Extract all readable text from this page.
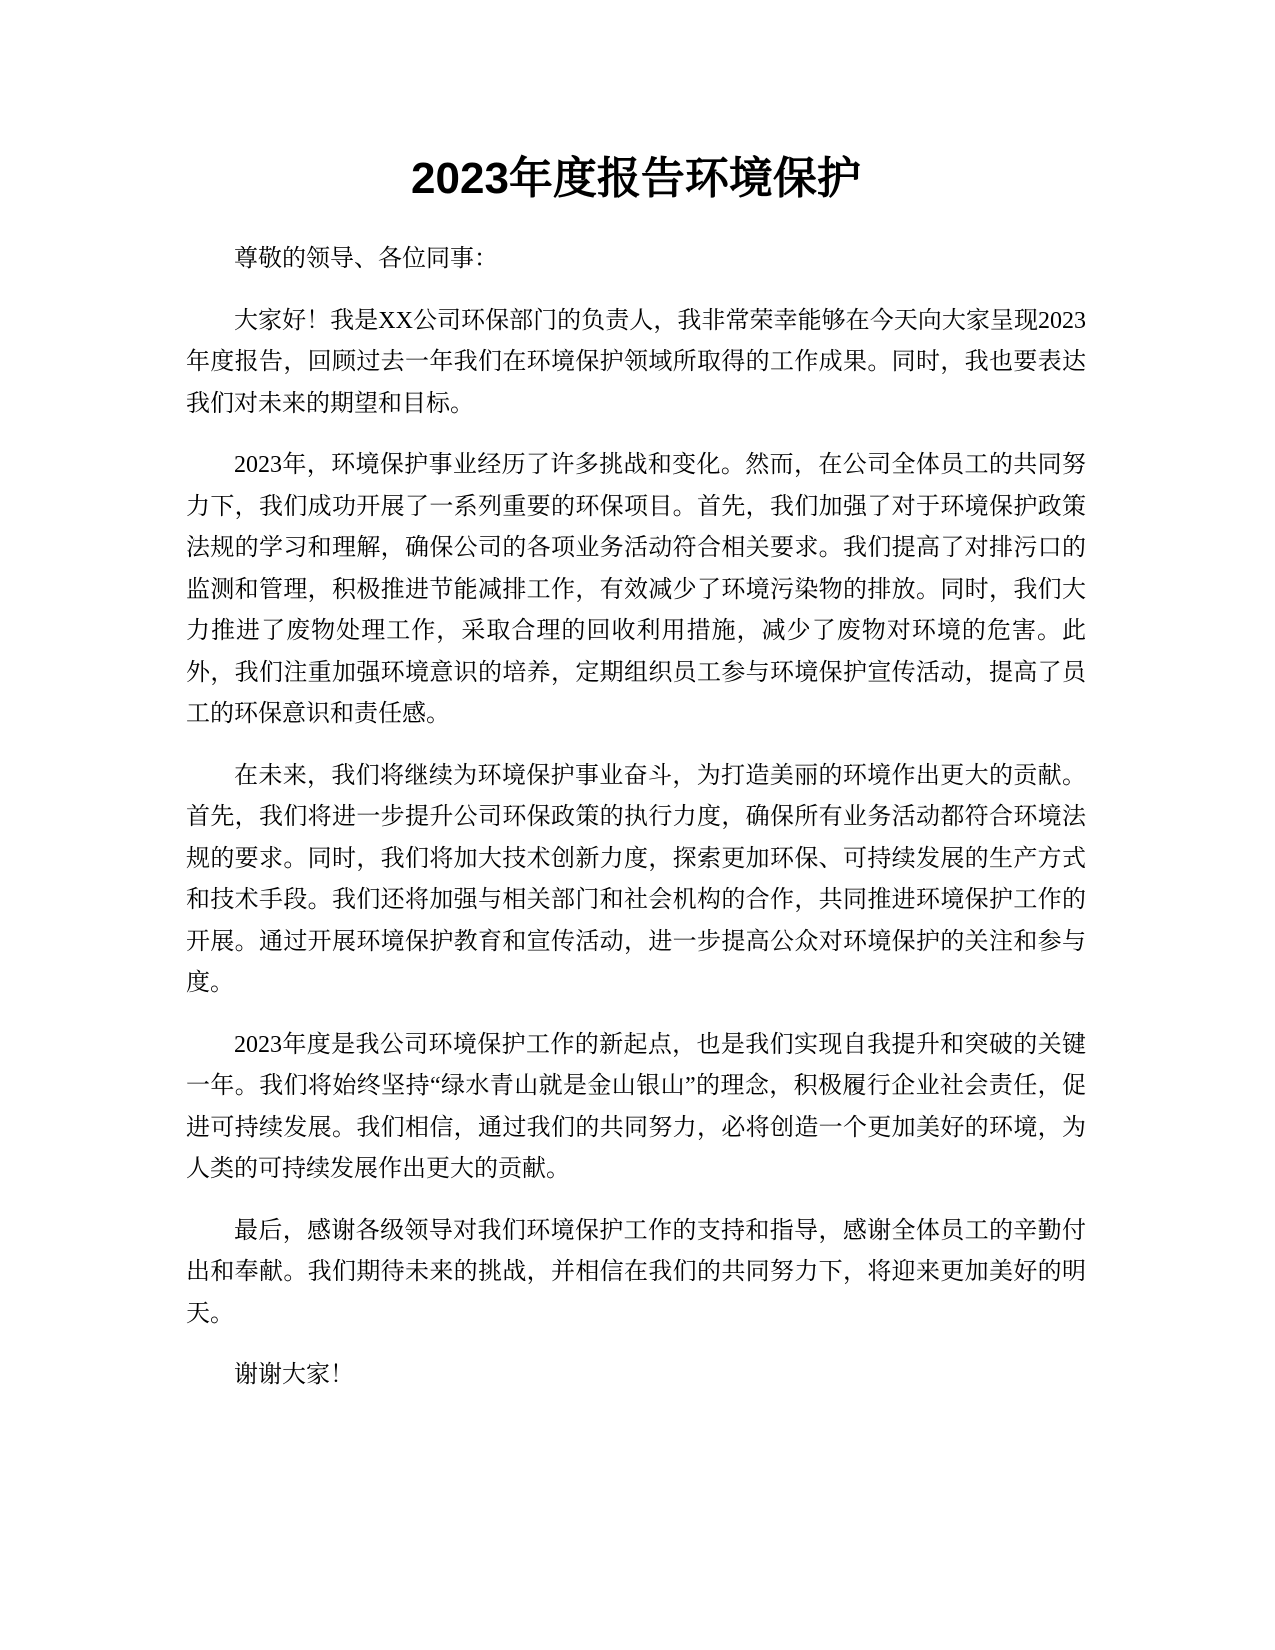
2023年度报告环境保护

尊敬的领导、各位同事：

大家好！我是XX公司环保部门的负责人，我非常荣幸能够在今天向大家呈现2023年度报告，回顾过去一年我们在环境保护领域所取得的工作成果。同时，我也要表达我们对未来的期望和目标。

2023年，环境保护事业经历了许多挑战和变化。然而，在公司全体员工的共同努力下，我们成功开展了一系列重要的环保项目。首先，我们加强了对于环境保护政策法规的学习和理解，确保公司的各项业务活动符合相关要求。我们提高了对排污口的监测和管理，积极推进节能减排工作，有效减少了环境污染物的排放。同时，我们大力推进了废物处理工作，采取合理的回收利用措施，减少了废物对环境的危害。此外，我们注重加强环境意识的培养，定期组织员工参与环境保护宣传活动，提高了员工的环保意识和责任感。

在未来，我们将继续为环境保护事业奋斗，为打造美丽的环境作出更大的贡献。首先，我们将进一步提升公司环保政策的执行力度，确保所有业务活动都符合环境法规的要求。同时，我们将加大技术创新力度，探索更加环保、可持续发展的生产方式和技术手段。我们还将加强与相关部门和社会机构的合作，共同推进环境保护工作的开展。通过开展环境保护教育和宣传活动，进一步提高公众对环境保护的关注和参与度。

2023年度是我公司环境保护工作的新起点，也是我们实现自我提升和突破的关键一年。我们将始终坚持“绿水青山就是金山银山”的理念，积极履行企业社会责任，促进可持续发展。我们相信，通过我们的共同努力，必将创造一个更加美好的环境，为人类的可持续发展作出更大的贡献。

最后，感谢各级领导对我们环境保护工作的支持和指导，感谢全体员工的辛勤付出和奉献。我们期待未来的挑战，并相信在我们的共同努力下，将迎来更加美好的明天。

谢谢大家！
